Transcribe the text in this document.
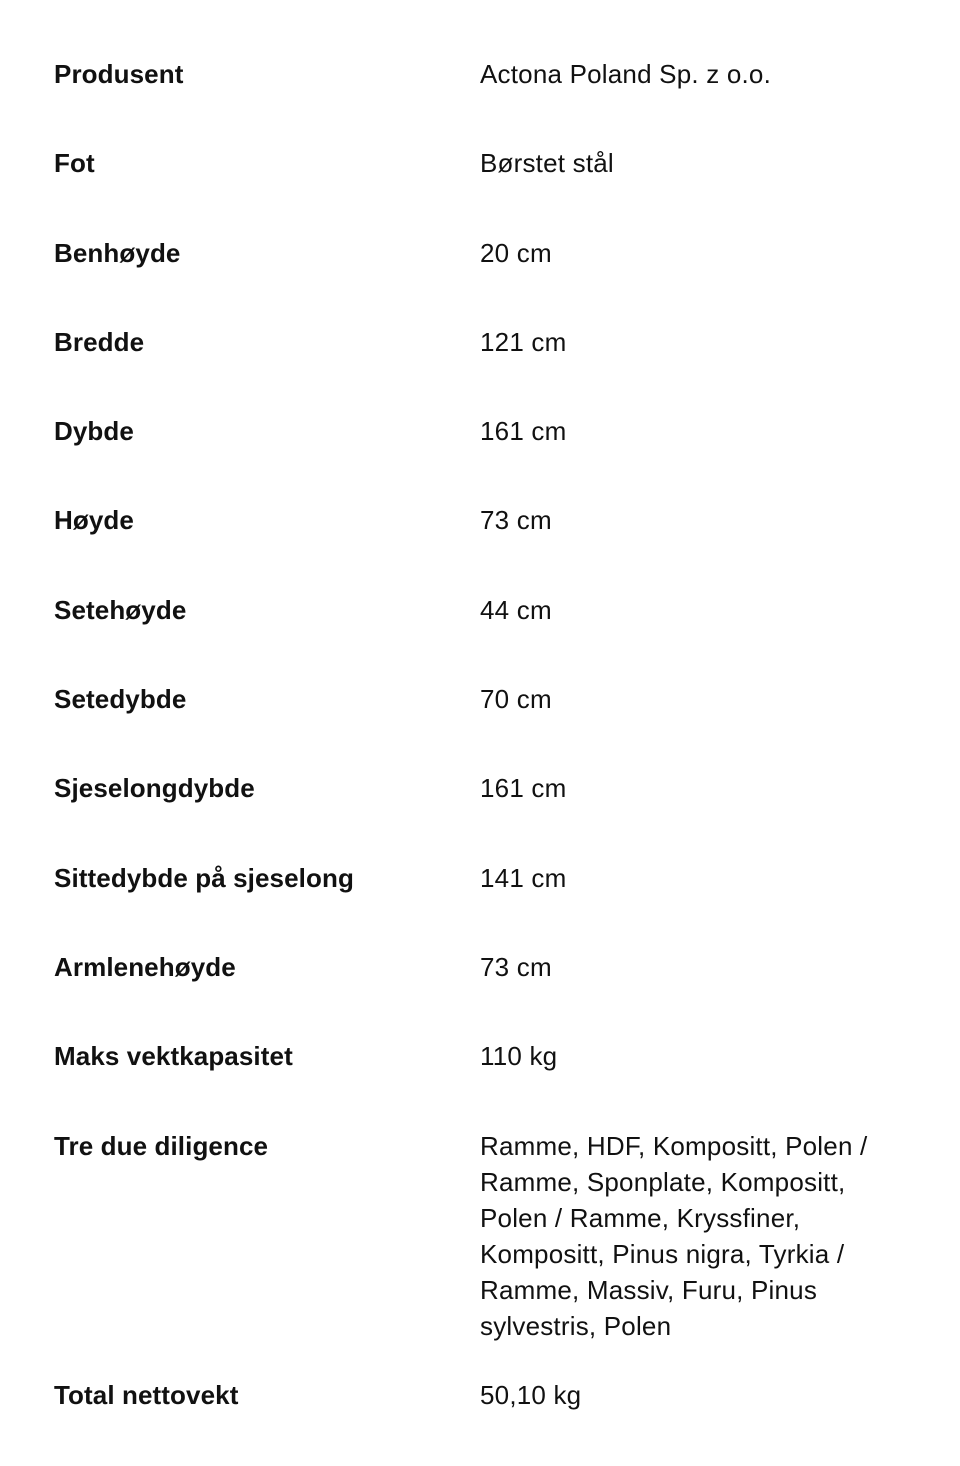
Produsent	Actona Poland Sp. z o.o.
Fot	Børstet stål
Benhøyde	20 cm
Bredde	121 cm
Dybde	161 cm
Høyde	73 cm
Setehøyde	44 cm
Setedybde	70 cm
Sjeselongdybde	161 cm
Sittedybde på sjeselong	141 cm
Armlenehøyde	73 cm
Maks vektkapasitet	110 kg
Tre due diligence	Ramme, HDF, Kompositt, Polen / Ramme, Sponplate, Kompositt, Polen / Ramme, Kryssfiner, Kompositt, Pinus nigra, Tyrkia / Ramme, Massiv, Furu, Pinus sylvestris, Polen
Total nettovekt	50,10 kg
